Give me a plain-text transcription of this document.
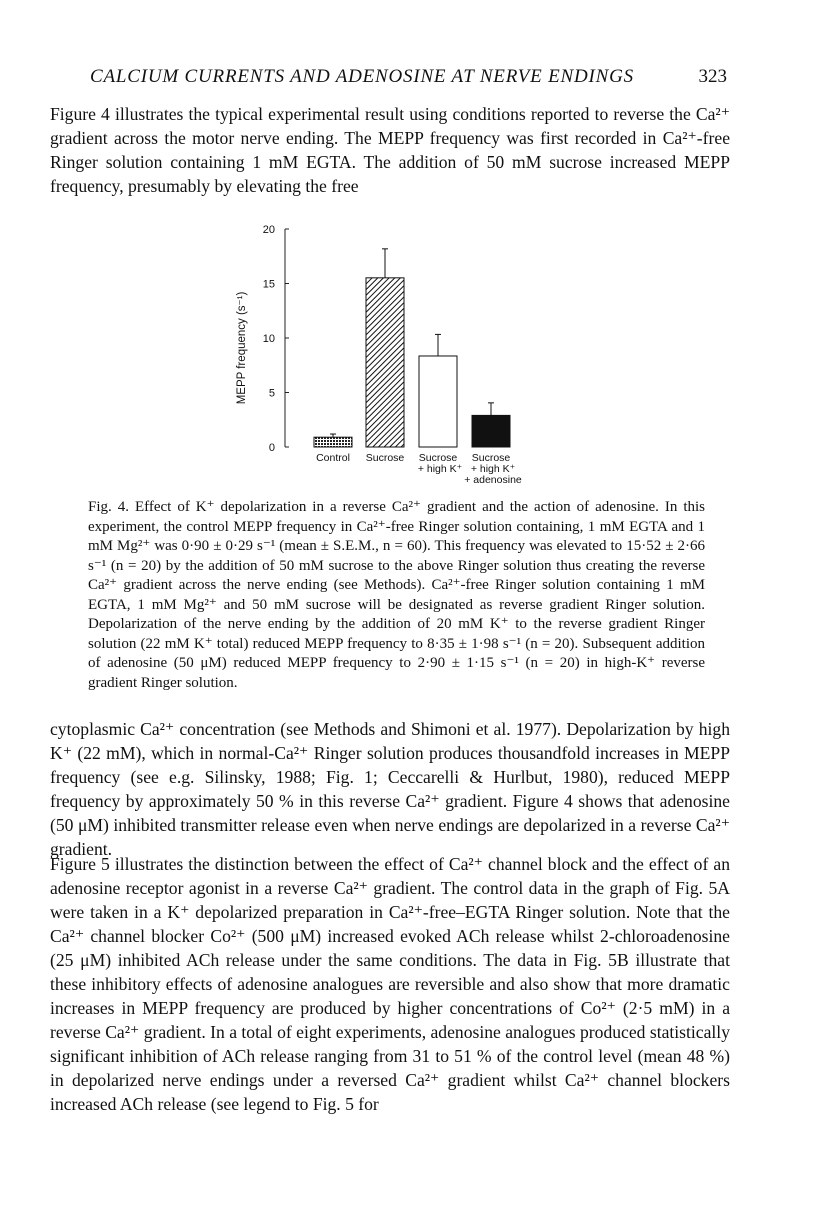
CALCIUM CURRENTS AND ADENOSINE AT NERVE ENDINGS	323

Figure 4 illustrates the typical experimental result using conditions reported to reverse the Ca²⁺ gradient across the motor nerve ending. The MEPP frequency was first recorded in Ca²⁺-free Ringer solution containing 1 mM EGTA. The addition of 50 mM sucrose increased MEPP frequency, presumably by elevating the free

0
5
10
15
20
MEPP frequency (s⁻¹)
Control Sucrose Sucrose
+ high K⁺
Sucrose
+ high K⁺
+ adenosine

Fig. 4. Effect of K⁺ depolarization in a reverse Ca²⁺ gradient and the action of adenosine. In this experiment, the control MEPP frequency in Ca²⁺-free Ringer solution containing, 1 mM EGTA and 1 mM Mg²⁺ was 0·90 ± 0·29 s⁻¹ (mean ± S.E.M., n = 60). This frequency was elevated to 15·52 ± 2·66 s⁻¹ (n = 20) by the addition of 50 mM sucrose to the above Ringer solution thus creating the reverse Ca²⁺ gradient across the nerve ending (see Methods). Ca²⁺-free Ringer solution containing 1 mM EGTA, 1 mM Mg²⁺ and 50 mM sucrose will be designated as reverse gradient Ringer solution. Depolarization of the nerve ending by the addition of 20 mM K⁺ to the reverse gradient Ringer solution (22 mM K⁺ total) reduced MEPP frequency to 8·35 ± 1·98 s⁻¹ (n = 20). Subsequent addition of adenosine (50 μM) reduced MEPP frequency to 2·90 ± 1·15 s⁻¹ (n = 20) in high-K⁺ reverse gradient Ringer solution.

cytoplasmic Ca²⁺ concentration (see Methods and Shimoni et al. 1977). Depolarization by high K⁺ (22 mM), which in normal-Ca²⁺ Ringer solution produces thousandfold increases in MEPP frequency (see e.g. Silinsky, 1988; Fig. 1; Ceccarelli & Hurlbut, 1980), reduced MEPP frequency by approximately 50 % in this reverse Ca²⁺ gradient. Figure 4 shows that adenosine (50 μM) inhibited transmitter release even when nerve endings are depolarized in a reverse Ca²⁺ gradient.

Figure 5 illustrates the distinction between the effect of Ca²⁺ channel block and the effect of an adenosine receptor agonist in a reverse Ca²⁺ gradient. The control data in the graph of Fig. 5A were taken in a K⁺ depolarized preparation in Ca²⁺-free–EGTA Ringer solution. Note that the Ca²⁺ channel blocker Co²⁺ (500 μM) increased evoked ACh release whilst 2-chloroadenosine (25 μM) inhibited ACh release under the same conditions. The data in Fig. 5B illustrate that these inhibitory effects of adenosine analogues are reversible and also show that more dramatic increases in MEPP frequency are produced by higher concentrations of Co²⁺ (2·5 mM) in a reverse Ca²⁺ gradient. In a total of eight experiments, adenosine analogues produced statistically significant inhibition of ACh release ranging from 31 to 51 % of the control level (mean 48 %) in depolarized nerve endings under a reversed Ca²⁺ gradient whilst Ca²⁺ channel blockers increased ACh release (see legend to Fig. 5 for
